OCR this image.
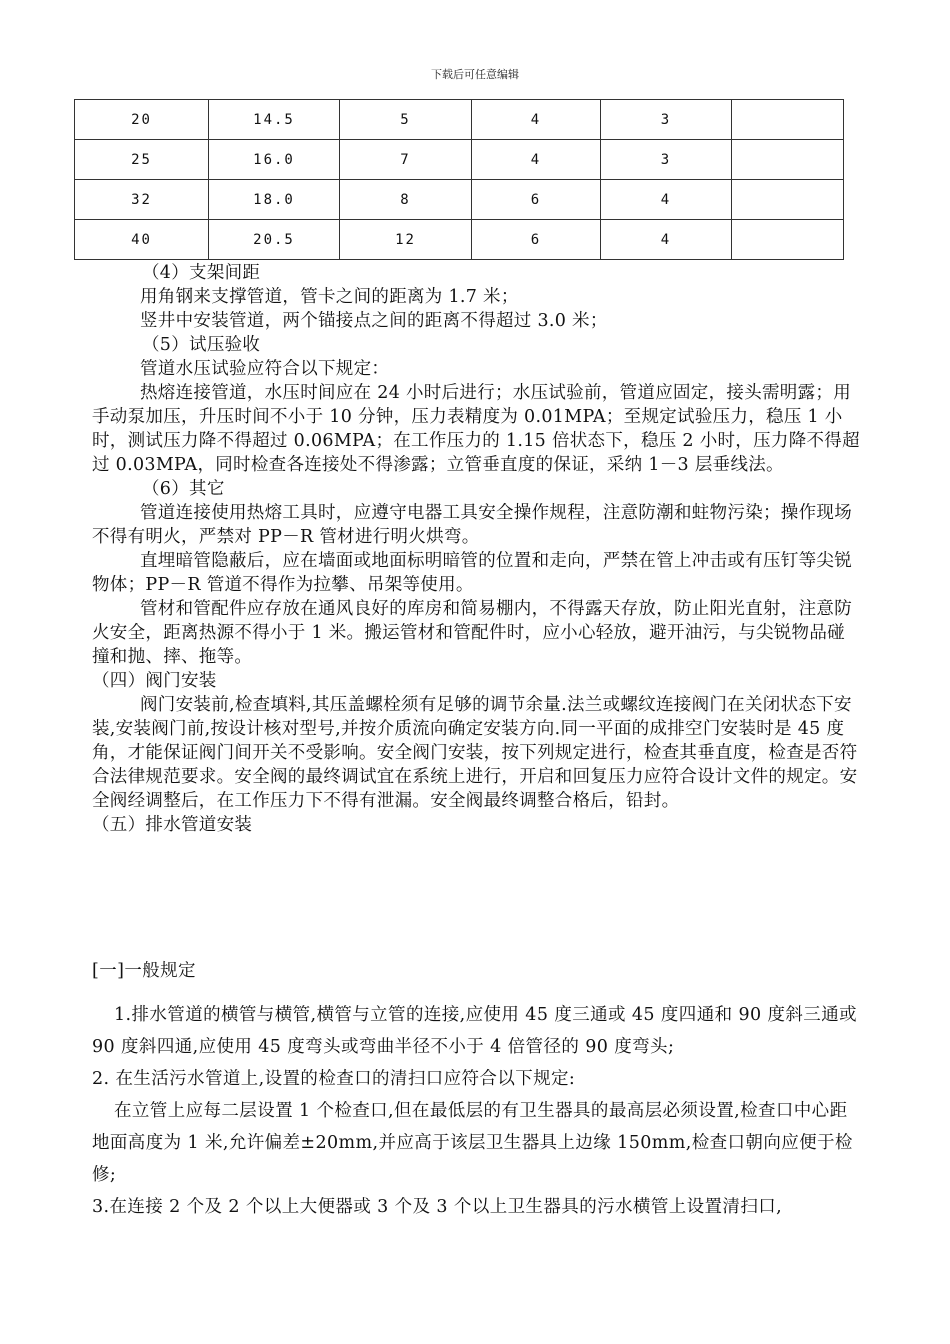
下载后可任意编辑
20	14.5	5	4	3	
25	16.0	7	4	3	
32	18.0	8	6	4	
40	20.5	12	6	4	

（4）支架间距

用角钢来支撑管道，管卡之间的距离为 1.7 米；

竖井中安装管道，两个锚接点之间的距离不得超过 3.0 米；

（5）试压验收

管道水压试验应符合以下规定：

热熔连接管道，水压时间应在 24 小时后进行；水压试验前，管道应固定，接头需明露；用手动泵加压，升压时间不小于 10 分钟，压力表精度为 0.01MPA；至规定试验压力，稳压 1 小时，测试压力降不得超过 0.06MPA；在工作压力的 1.15 倍状态下，稳压 2 小时，压力降不得超过 0.03MPA，同时检查各连接处不得渗露；立管垂直度的保证，采纳 1－3 层垂线法。

（6）其它

管道连接使用热熔工具时，应遵守电器工具安全操作规程，注意防潮和蛀物污染；操作现场不得有明火，严禁对 PP－R 管材进行明火烘弯。

直埋暗管隐蔽后，应在墙面或地面标明暗管的位置和走向，严禁在管上冲击或有压钉等尖锐物体；PP－R 管道不得作为拉攀、吊架等使用。

管材和管配件应存放在通风良好的库房和简易棚内，不得露天存放，防止阳光直射，注意防火安全，距离热源不得小于 1 米。搬运管材和管配件时，应小心轻放，避开油污，与尖锐物品碰撞和抛、摔、拖等。

（四）阀门安装

阀门安装前,检查填料,其压盖螺栓须有足够的调节余量.法兰或螺纹连接阀门在关闭状态下安装,安装阀门前,按设计核对型号,并按介质流向确定安装方向.同一平面的成排空门安装时是 45 度角，才能保证阀门间开关不受影响。安全阀门安装，按下列规定进行，检查其垂直度，检查是否符合法律规范要求。安全阀的最终调试宜在系统上进行，开启和回复压力应符合设计文件的规定。安全阀经调整后，在工作压力下不得有泄漏。安全阀最终调整合格后，铅封。

（五）排水管道安装

[一]一般规定

1.排水管道的横管与横管,横管与立管的连接,应使用 45 度三通或 45 度四通和 90 度斜三通或 90 度斜四通,应使用 45 度弯头或弯曲半径不小于 4 倍管径的 90 度弯头;

2. 在生活污水管道上,设置的检查口的清扫口应符合以下规定:

在立管上应每二层设置 1 个检查口,但在最低层的有卫生器具的最高层必须设置,检查口中心距地面高度为 1 米,允许偏差±20mm,并应高于该层卫生器具上边缘 150mm,检查口朝向应便于检修;

3.在连接 2 个及 2 个以上大便器或 3 个及 3 个以上卫生器具的污水横管上设置清扫口,
